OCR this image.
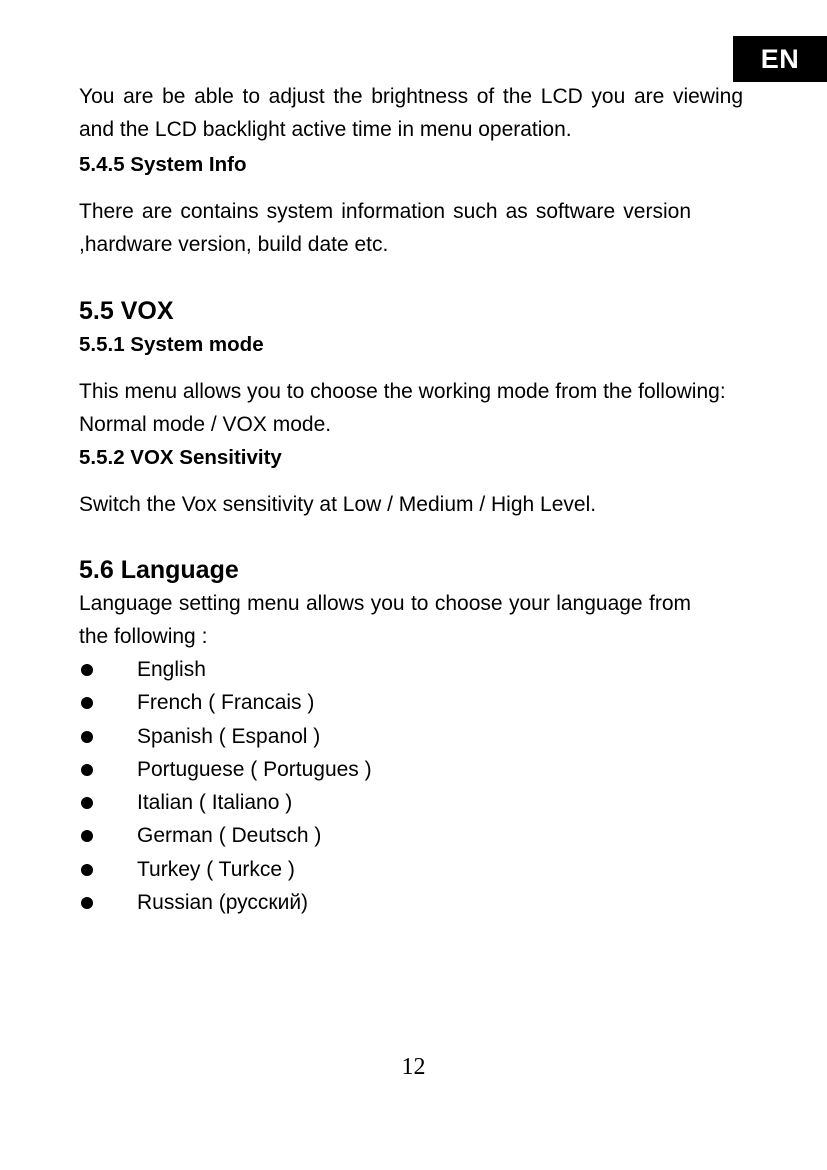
EN

You are be able to adjust the brightness of the LCD you are viewing and the LCD backlight active time in menu operation.

5.4.5 System Info

There are contains system information such as software version ,hardware version, build date etc.

5.5 VOX

5.5.1 System mode

This menu allows you to choose the working mode from the following: Normal mode / VOX mode.

5.5.2 VOX Sensitivity

Switch the Vox sensitivity at Low / Medium / High Level.

5.6 Language

Language setting menu allows you to choose your language from the following :

English
French ( Francais )
Spanish ( Espanol )
Portuguese ( Portugues )
Italian ( Italiano )
German ( Deutsch )
Turkey ( Turkce )
Russian (русский)
12
